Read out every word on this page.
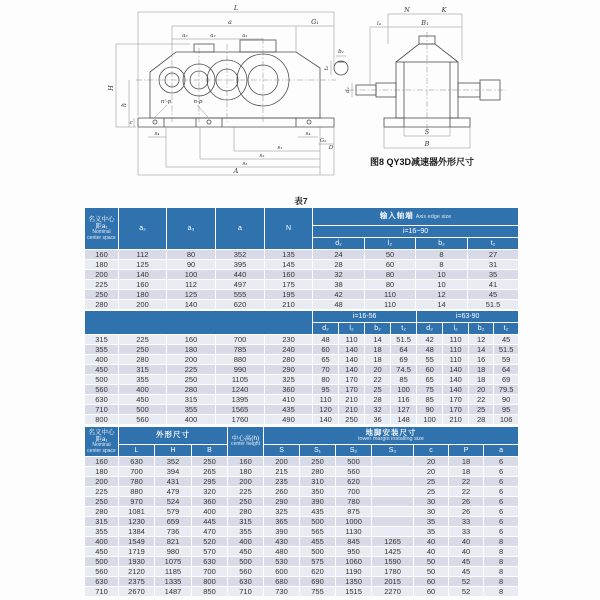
L
a	G₁
a₃	a₂	a₁
H
h
c
n'-p	n-p
s₄	s₄
G₂
D
s₁
s₂
s₃
A
N	K
l₄	B₁
b₂
t₂
d₂
S
B
图8 QY3D减速器外形尺寸
表7
名义中心距a₁
Nominal center space	a₂	a₃	a	N	输入轴端 Axis edge size			
					i=16~90			
					d₂	l₂	b₂	t₂
160	112	80	352	135	24	50	8	27
180	125	90	395	145	28	60	8	31
200	140	100	440	160	32	80	10	35
225	160	112	497	175	38	80	10	41
250	180	125	555	195	42	110	12	45
280	200	140	620	210	48	110	14	51.5
					i=16-56				i=63-90			
					d₂	l₂	b₂	t₂	d₂	l₂	b₂	t₂
315	225	160	700	230	48	110	14	51.5	42	110	12	45
355	250	180	785	240	60	140	18	64	48	110	14	51.5
400	280	200	880	280	65	140	18	69	55	110	16	59
450	315	225	990	290	70	140	20	74.5	60	140	18	64
500	355	250	1105	325	80	170	22	85	65	140	18	69
560	400	280	1240	360	95	170	25	100	75	140	20	79.5
630	450	315	1395	410	110	210	28	116	85	170	22	90
710	500	355	1565	435	120	210	32	127	90	170	25	95
800	560	400	1760	490	140	250	36	148	100	210	28	106
名义中心距a₁
Nominal center space
	外形尺寸	中心高(h)
center height

地脚安装尺寸
lower margin installing size

	L	H	B		S	S₁	S₂	S₃	c	P	a
160	630	352	250	160	200	250	500		20	18	6
180	700	394	265	180	215	280	560		20	18	6
200	780	431	295	200	235	310	620		25	22	6
225	880	479	320	225	260	350	700		25	22	6
250	970	524	360	250	290	390	780		30	26	6
280	1081	579	400	280	325	435	875		30	26	6
315	1230	659	445	315	365	500	1000		35	33	6
355	1384	736	470	355	390	565	1130		35	33	6
400	1549	821	520	400	430	455	845	1265	40	40	8
450	1719	980	570	450	480	500	950	1425	40	40	8
500	1930	1075	630	500	530	575	1060	1590	50	45	8
560	2120	1185	700	560	600	620	1190	1780	50	45	8
630	2375	1335	800	630	680	690	1350	2015	60	52	8
710	2670	1487	850	710	730	755	1515	2270	60	52	8
